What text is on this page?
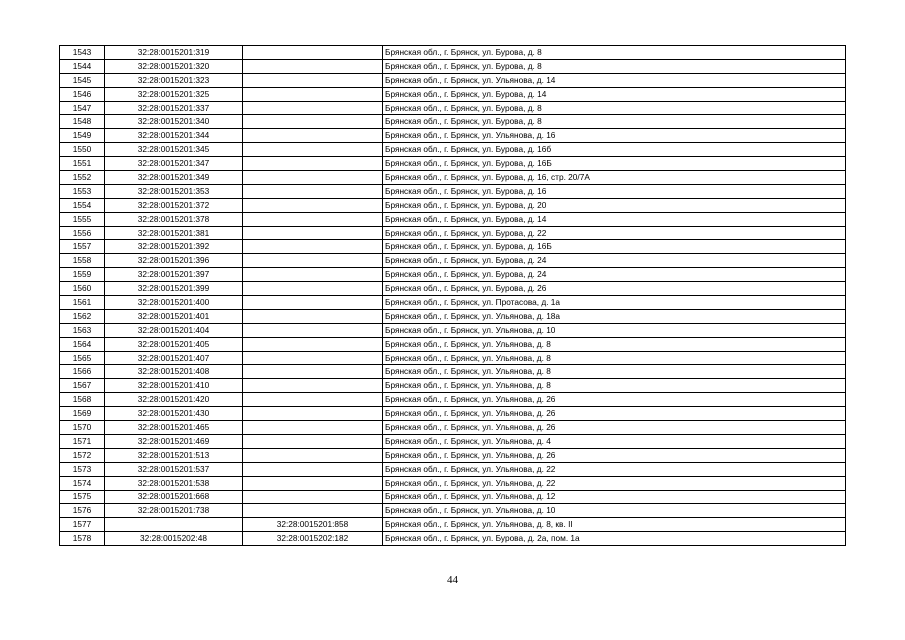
1543	32:28:0015201:319		Брянская обл., г. Брянск, ул. Бурова, д. 8
1544	32:28:0015201:320		Брянская обл., г. Брянск, ул. Бурова, д. 8
1545	32:28:0015201:323		Брянская обл., г. Брянск, ул. Ульянова, д. 14
1546	32:28:0015201:325		Брянская обл., г. Брянск, ул. Бурова, д. 14
1547	32:28:0015201:337		Брянская обл., г. Брянск, ул. Бурова, д. 8
1548	32:28:0015201:340		Брянская обл., г. Брянск, ул. Бурова, д. 8
1549	32:28:0015201:344		Брянская обл., г. Брянск, ул. Ульянова, д. 16
1550	32:28:0015201:345		Брянская обл., г. Брянск, ул. Бурова, д. 16б
1551	32:28:0015201:347		Брянская обл., г. Брянск, ул. Бурова, д. 16Б
1552	32:28:0015201:349		Брянская обл., г. Брянск, ул. Бурова, д. 16, стр. 20/7А
1553	32:28:0015201:353		Брянская обл., г. Брянск, ул. Бурова, д. 16
1554	32:28:0015201:372		Брянская обл., г. Брянск, ул. Бурова, д. 20
1555	32:28:0015201:378		Брянская обл., г. Брянск, ул. Бурова, д. 14
1556	32:28:0015201:381		Брянская обл., г. Брянск, ул. Бурова, д. 22
1557	32:28:0015201:392		Брянская обл., г. Брянск, ул. Бурова, д. 16Б
1558	32:28:0015201:396		Брянская обл., г. Брянск, ул. Бурова, д. 24
1559	32:28:0015201:397		Брянская обл., г. Брянск, ул. Бурова, д. 24
1560	32:28:0015201:399		Брянская обл., г. Брянск, ул. Бурова, д. 26
1561	32:28:0015201:400		Брянская обл., г. Брянск, ул. Протасова, д. 1а
1562	32:28:0015201:401		Брянская обл., г. Брянск, ул. Ульянова, д. 18а
1563	32:28:0015201:404		Брянская обл., г. Брянск, ул. Ульянова, д. 10
1564	32:28:0015201:405		Брянская обл., г. Брянск, ул. Ульянова, д. 8
1565	32:28:0015201:407		Брянская обл., г. Брянск, ул. Ульянова, д. 8
1566	32:28:0015201:408		Брянская обл., г. Брянск, ул. Ульянова, д. 8
1567	32:28:0015201:410		Брянская обл., г. Брянск, ул. Ульянова, д. 8
1568	32:28:0015201:420		Брянская обл., г. Брянск, ул. Ульянова, д. 26
1569	32:28:0015201:430		Брянская обл., г. Брянск, ул. Ульянова, д. 26
1570	32:28:0015201:465		Брянская обл., г. Брянск, ул. Ульянова, д. 26
1571	32:28:0015201:469		Брянская обл., г. Брянск, ул. Ульянова, д. 4
1572	32:28:0015201:513		Брянская обл., г. Брянск, ул. Ульянова, д. 26
1573	32:28:0015201:537		Брянская обл., г. Брянск, ул. Ульянова, д. 22
1574	32:28:0015201:538		Брянская обл., г. Брянск, ул. Ульянова, д. 22
1575	32:28:0015201:668		Брянская обл., г. Брянск, ул. Ульянова, д. 12
1576	32:28:0015201:738		Брянская обл., г. Брянск, ул. Ульянова, д. 10
1577		32:28:0015201:858	Брянская обл., г. Брянск, ул. Ульянова, д. 8, кв. II
1578	32:28:0015202:48	32:28:0015202:182	Брянская обл., г. Брянск, ул. Бурова, д. 2а, пом. 1а
44
